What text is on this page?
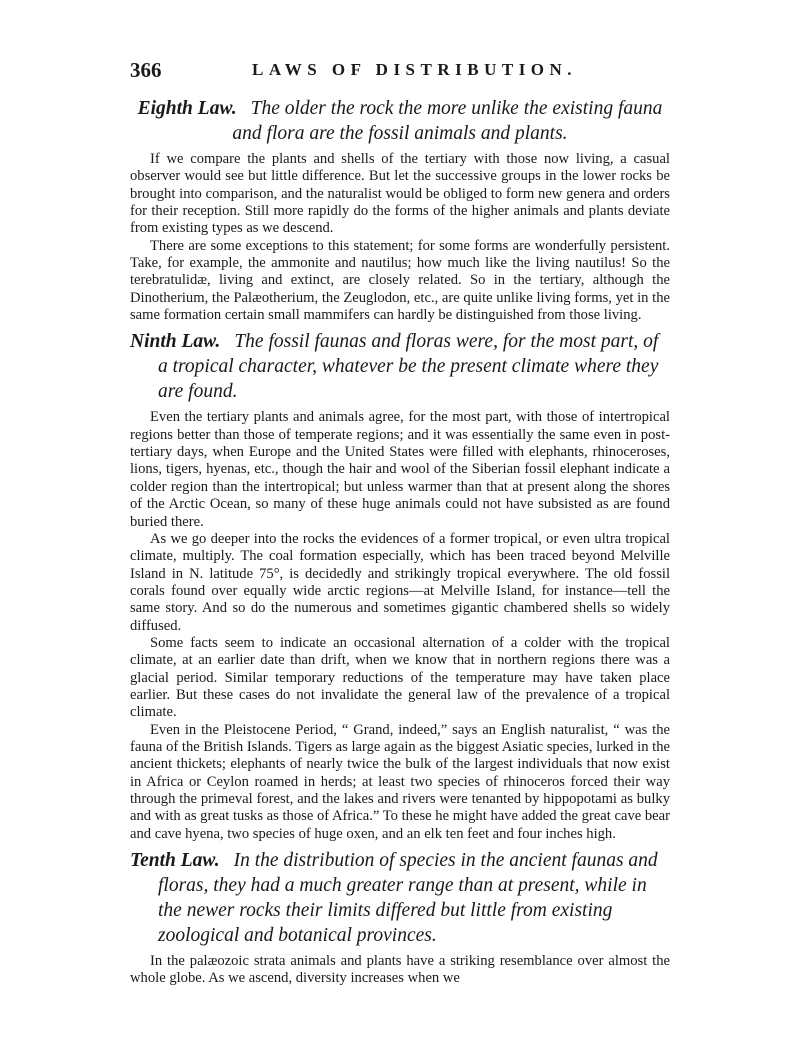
366	LAWS OF DISTRIBUTION.
Eighth Law. The older the rock the more unlike the existing fauna and flora are the fossil animals and plants.

If we compare the plants and shells of the tertiary with those now living, a casual observer would see but little difference. But let the successive groups in the lower rocks be brought into comparison, and the naturalist would be obliged to form new genera and orders for their reception. Still more rapidly do the forms of the higher animals and plants deviate from existing types as we descend.

There are some exceptions to this statement; for some forms are wonderfully persistent. Take, for example, the ammonite and nautilus; how much like the living nautilus! So the terebratulidæ, living and extinct, are closely related. So in the tertiary, although the Dinotherium, the Palæotherium, the Zeuglodon, etc., are quite unlike living forms, yet in the same formation certain small mammifers can hardly be distinguished from those living.

Ninth Law. The fossil faunas and floras were, for the most part, of a tropical character, whatever be the present climate where they are found.

Even the tertiary plants and animals agree, for the most part, with those of intertropical regions better than those of temperate regions; and it was essentially the same even in post-tertiary days, when Europe and the United States were filled with elephants, rhinoceroses, lions, tigers, hyenas, etc., though the hair and wool of the Siberian fossil elephant indicate a colder region than the intertropical; but unless warmer than that at present along the shores of the Arctic Ocean, so many of these huge animals could not have subsisted as are found buried there.

As we go deeper into the rocks the evidences of a former tropical, or even ultra tropical climate, multiply. The coal formation especially, which has been traced beyond Melville Island in N. latitude 75°, is decidedly and strikingly tropical everywhere. The old fossil corals found over equally wide arctic regions—at Melville Island, for instance—tell the same story. And so do the numerous and sometimes gigantic chambered shells so widely diffused.

Some facts seem to indicate an occasional alternation of a colder with the tropical climate, at an earlier date than drift, when we know that in northern regions there was a glacial period. Similar temporary reductions of the temperature may have taken place earlier. But these cases do not invalidate the general law of the prevalence of a tropical climate.

Even in the Pleistocene Period, “ Grand, indeed,” says an English naturalist, “ was the fauna of the British Islands. Tigers as large again as the biggest Asiatic species, lurked in the ancient thickets; elephants of nearly twice the bulk of the largest individuals that now exist in Africa or Ceylon roamed in herds; at least two species of rhinoceros forced their way through the primeval forest, and the lakes and rivers were tenanted by hippopotami as bulky and with as great tusks as those of Africa.” To these he might have added the great cave bear and cave hyena, two species of huge oxen, and an elk ten feet and four inches high.

Tenth Law. In the distribution of species in the ancient faunas and floras, they had a much greater range than at present, while in the newer rocks their limits differed but little from existing zoological and botanical provinces.

In the palæozoic strata animals and plants have a striking resemblance over almost the whole globe. As we ascend, diversity increases when we
